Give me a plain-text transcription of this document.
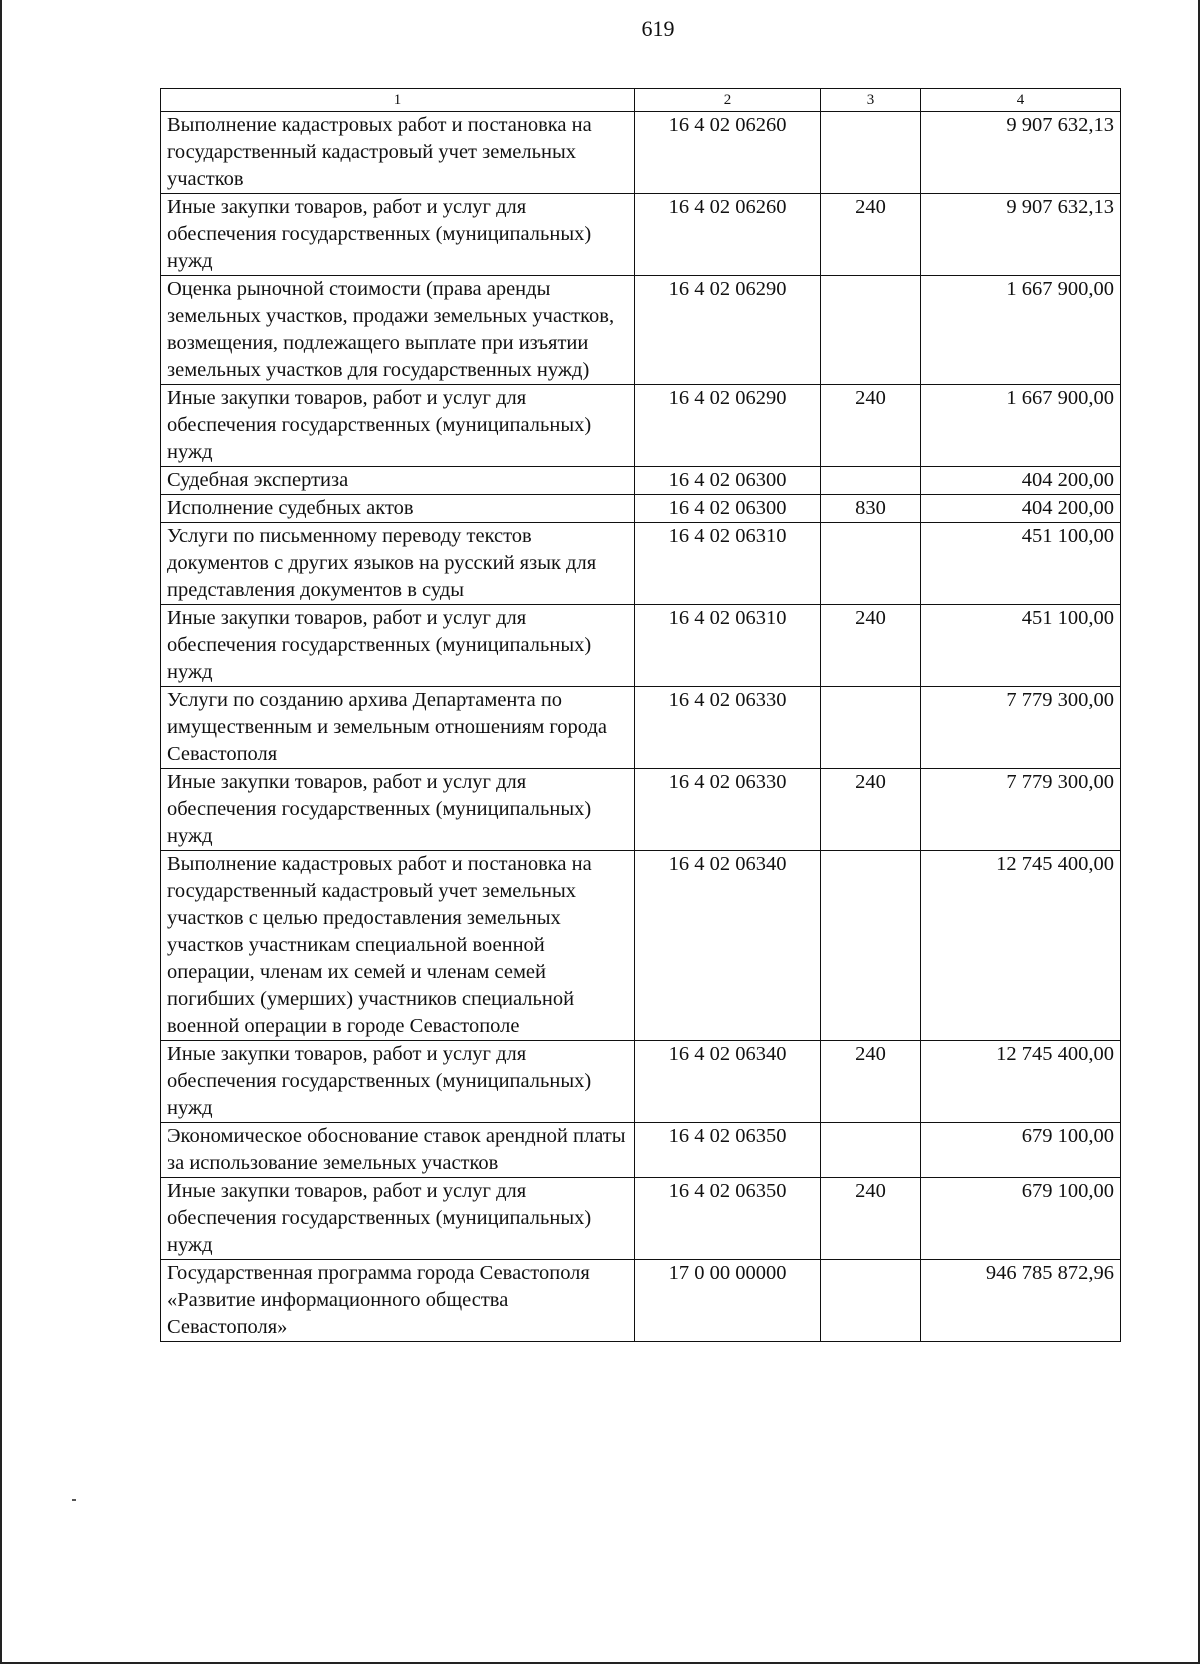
619
1	2	3	4
Выполнение кадастровых работ и постановка на государственный кадастровый учет земельных участков	16 4 02 06260		9 907 632,13
Иные закупки товаров, работ и услуг для обеспечения государственных (муниципальных) нужд	16 4 02 06260	240	9 907 632,13
Оценка рыночной стоимости (права аренды земельных участков, продажи земельных участков, возмещения, подлежащего выплате при изъятии земельных участков для государственных нужд)	16 4 02 06290		1 667 900,00
Иные закупки товаров, работ и услуг для обеспечения государственных (муниципальных) нужд	16 4 02 06290	240	1 667 900,00
Судебная экспертиза	16 4 02 06300		404 200,00
Исполнение судебных актов	16 4 02 06300	830	404 200,00
Услуги по письменному переводу текстов документов с других языков на русский язык для представления документов в суды	16 4 02 06310		451 100,00
Иные закупки товаров, работ и услуг для обеспечения государственных (муниципальных) нужд	16 4 02 06310	240	451 100,00
Услуги по созданию архива Департамента по имущественным и земельным отношениям города Севастополя	16 4 02 06330		7 779 300,00
Иные закупки товаров, работ и услуг для обеспечения государственных (муниципальных) нужд	16 4 02 06330	240	7 779 300,00
Выполнение кадастровых работ и постановка на государственный кадастровый учет земельных участков с целью предоставления земельных участков участникам специальной военной операции, членам их семей и членам семей погибших (умерших) участников специальной военной операции в городе Севастополе	16 4 02 06340		12 745 400,00
Иные закупки товаров, работ и услуг для обеспечения государственных (муниципальных) нужд	16 4 02 06340	240	12 745 400,00
Экономическое обоснование ставок арендной платы за использование земельных участков	16 4 02 06350		679 100,00
Иные закупки товаров, работ и услуг для обеспечения государственных (муниципальных) нужд	16 4 02 06350	240	679 100,00
Государственная программа города Севастополя «Развитие информационного общества Севастополя»	17 0 00 00000		946 785 872,96
